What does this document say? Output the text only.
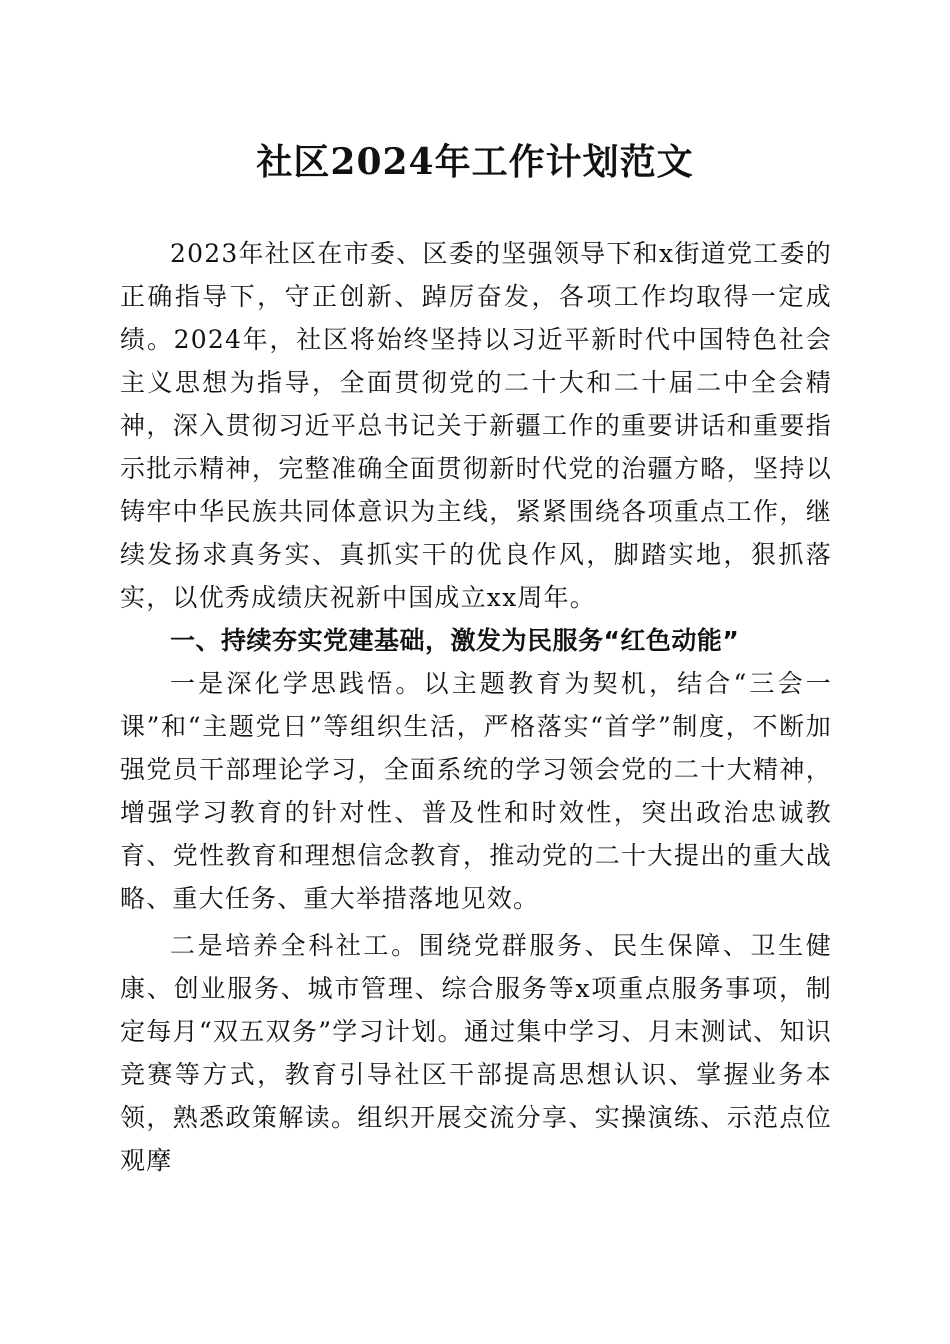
社区2024年工作计划范文

2023年社区在市委、区委的坚强领导下和x街道党工委的正确指导下，守正创新、踔厉奋发，各项工作均取得一定成绩。2024年，社区将始终坚持以习近平新时代中国特色社会主义思想为指导，全面贯彻党的二十大和二十届二中全会精神，深入贯彻习近平总书记关于新疆工作的重要讲话和重要指示批示精神，完整准确全面贯彻新时代党的治疆方略，坚持以铸牢中华民族共同体意识为主线，紧紧围绕各项重点工作，继续发扬求真务实、真抓实干的优良作风，脚踏实地，狠抓落实，以优秀成绩庆祝新中国成立xx周年。

一、持续夯实党建基础，激发为民服务“红色动能”

一是深化学思践悟。以主题教育为契机，结合“三会一课”和“主题党日”等组织生活，严格落实“首学”制度，不断加强党员干部理论学习，全面系统的学习领会党的二十大精神，增强学习教育的针对性、普及性和时效性，突出政治忠诚教育、党性教育和理想信念教育，推动党的二十大提出的重大战略、重大任务、重大举措落地见效。

二是培养全科社工。围绕党群服务、民生保障、卫生健康、创业服务、城市管理、综合服务等x项重点服务事项，制定每月“双五双务”学习计划。通过集中学习、月末测试、知识竞赛等方式，教育引导社区干部提高思想认识、掌握业务本领，熟悉政策解读。组织开展交流分享、实操演练、示范点位观摩
